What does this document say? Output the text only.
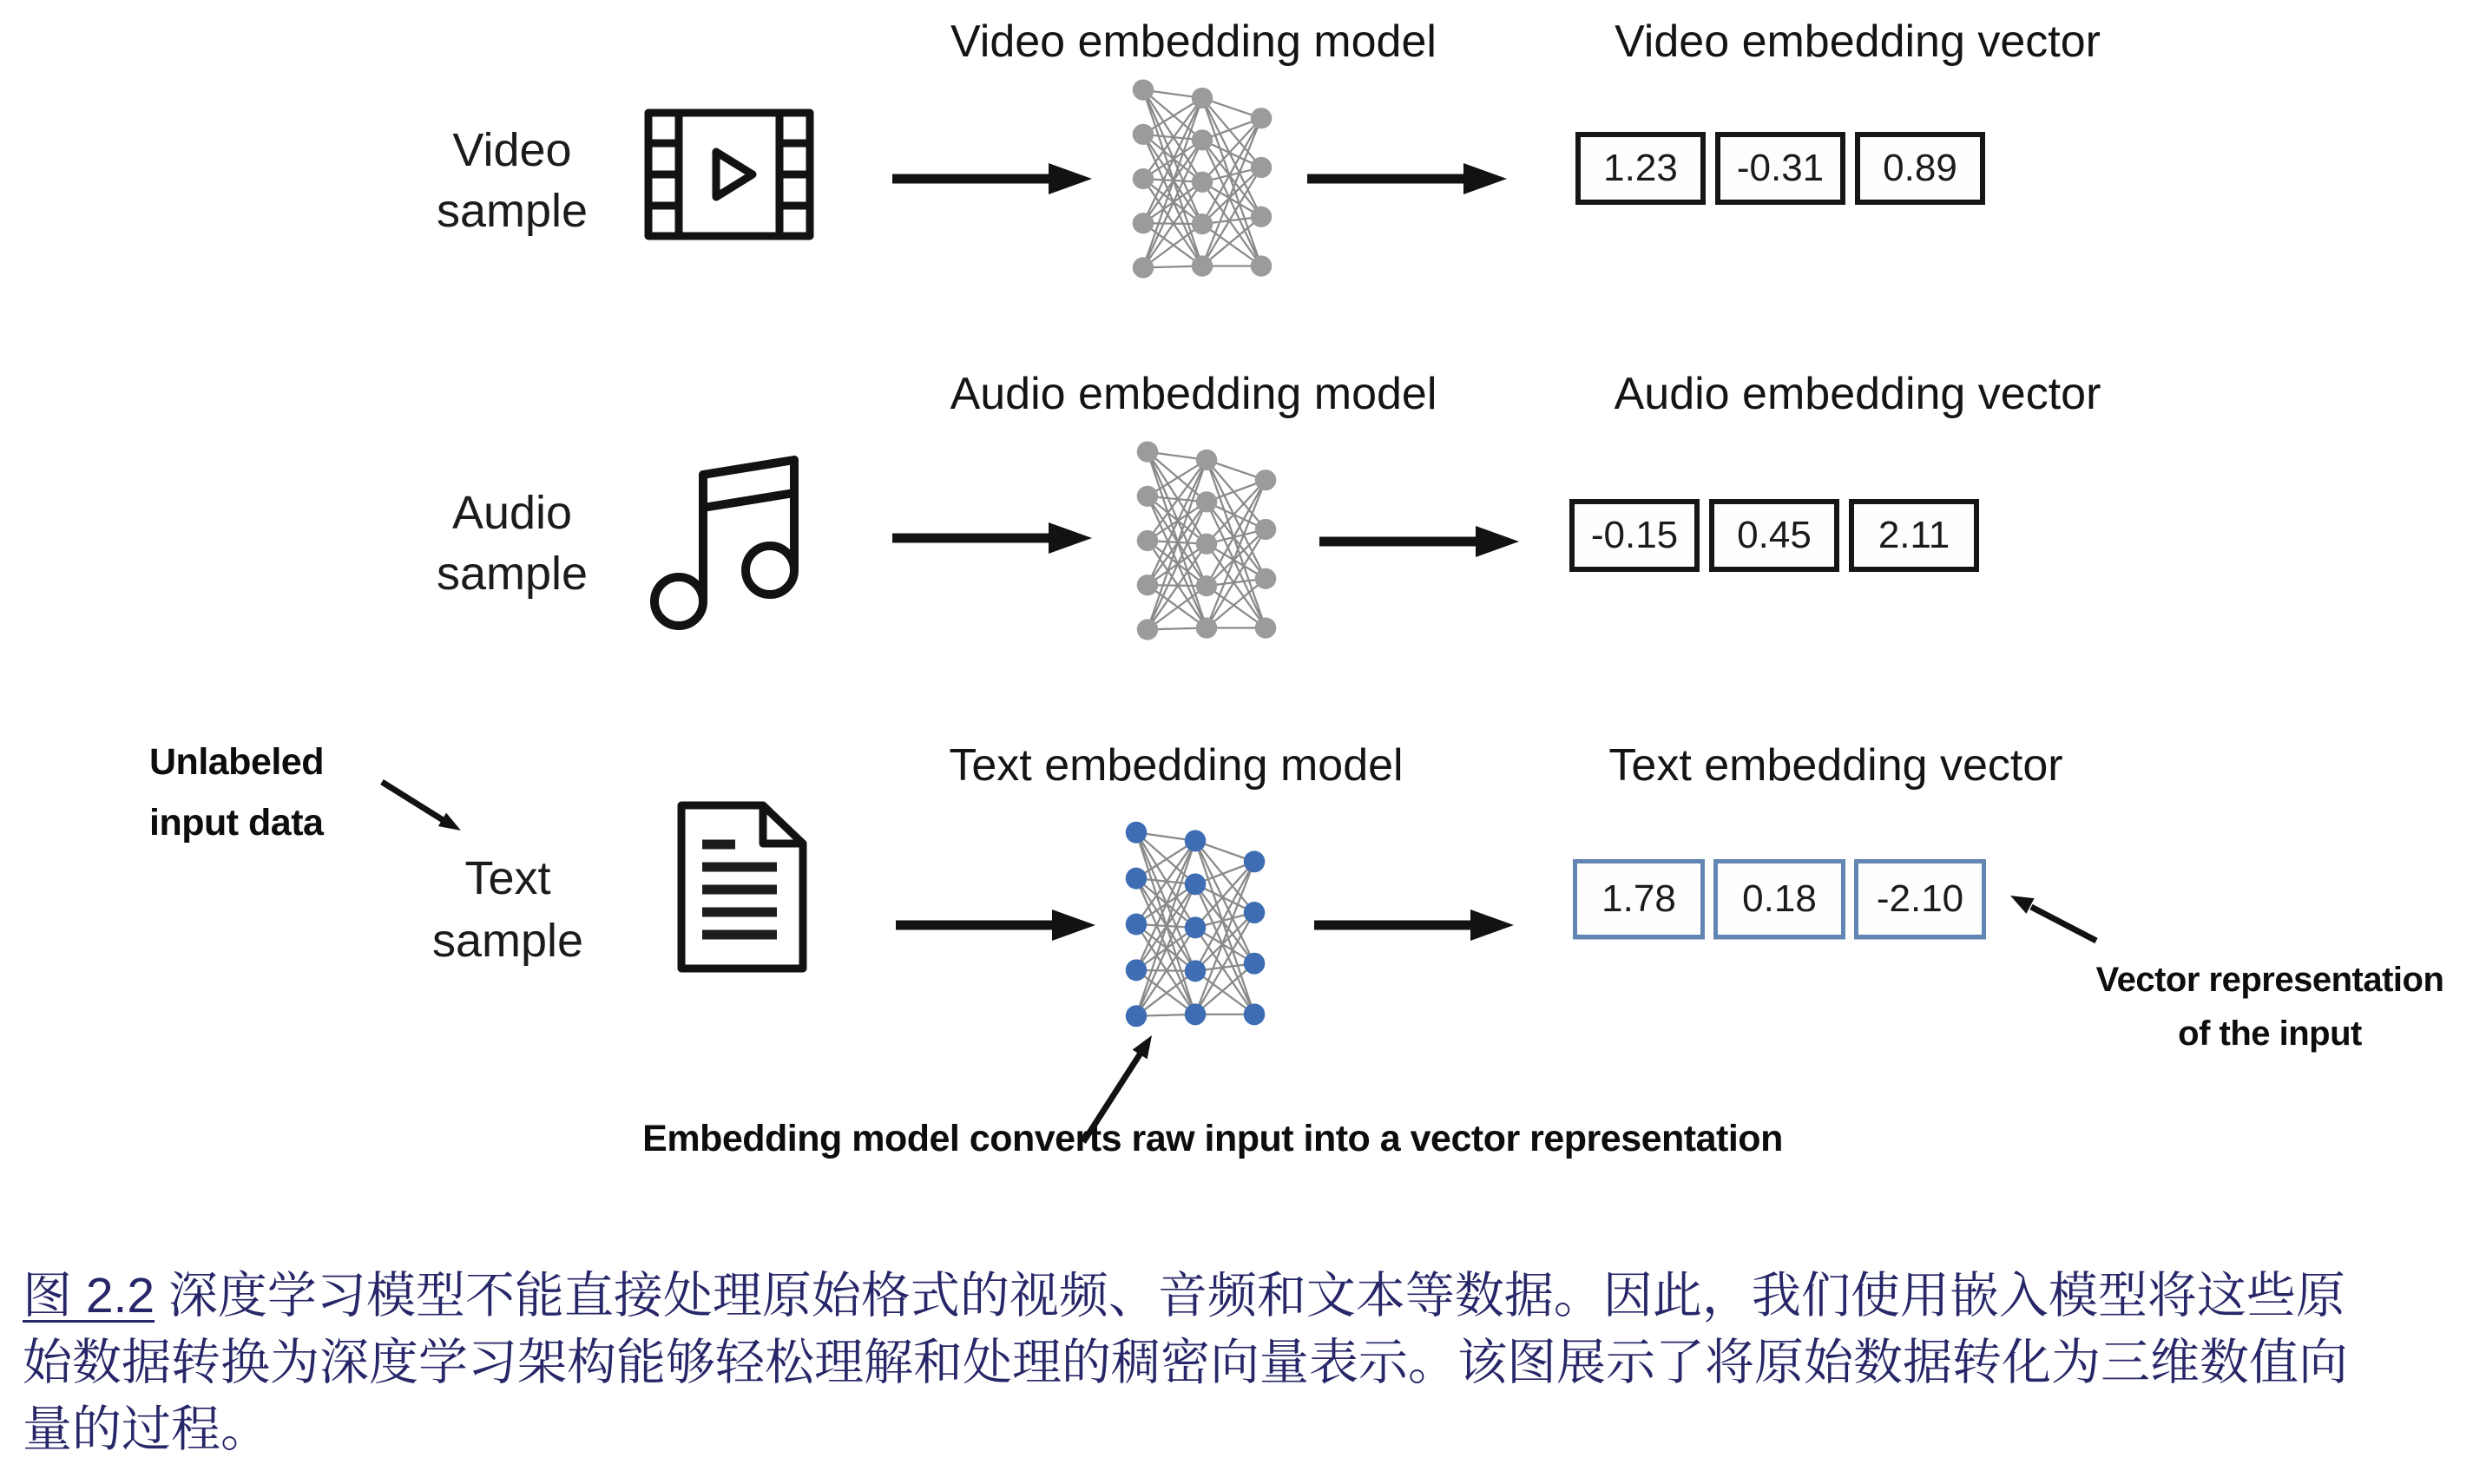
Video embedding model	Video embedding vector
Video
sample
1.23	-0.31	0.89
Audio embedding model	Audio embedding vector
Audio
sample
-0.15	0.45	2.11
Text embedding model	Text embedding vector
Unlabeled
input data
Text
sample
1.78	0.18	-2.10
Vector representation
of the input
Embedding model converts raw input into a vector representation
图 2.2 深度学习模型不能直接处理原始格式的视频、音频和文本等数据。因此，我们使用嵌入模型将这些原
始数据转换为深度学习架构能够轻松理解和处理的稠密向量表示。该图展示了将原始数据转化为三维数值向
量的过程。
